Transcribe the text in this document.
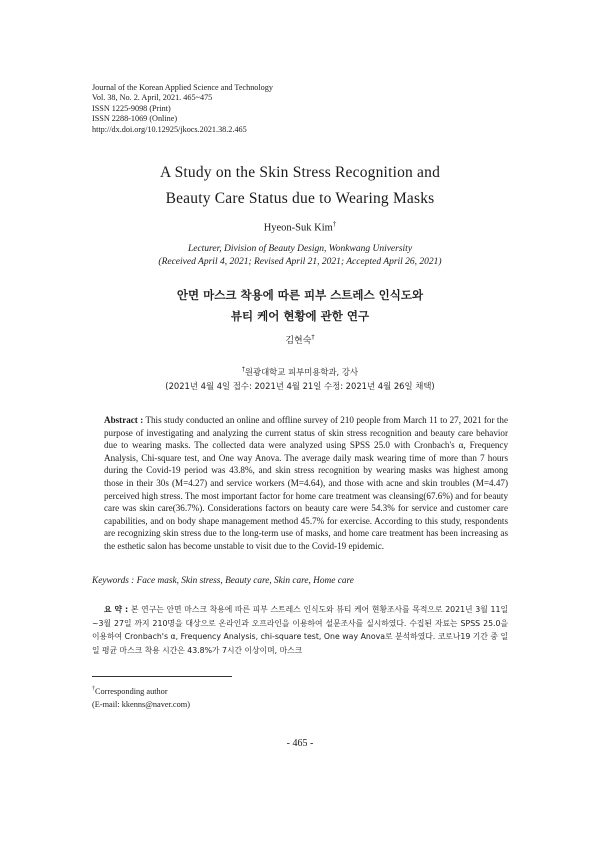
Journal of the Korean Applied Science and Technology
Vol. 38, No. 2. April, 2021. 465~475
ISSN 1225-9098 (Print)
ISSN 2288-1069 (Online)
http://dx.doi.org/10.12925/jkocs.2021.38.2.465
A Study on the Skin Stress Recognition and
Beauty Care Status due to Wearing Masks
Hyeon-Suk Kim†
Lecturer, Division of Beauty Design, Wonkwang University
(Received April 4, 2021; Revised April 21, 2021; Accepted April 26, 2021)
안면 마스크 착용에 따른 피부 스트레스 인식도와
뷰티 케어 현황에 관한 연구
김현숙†
†원광대학교 피부미용학과, 강사
(2021년 4월 4일 접수: 2021년 4월 21일 수정: 2021년 4월 26일 채택)
Abstract : This study conducted an online and offline survey of 210 people from March 11 to 27, 2021 for the purpose of investigating and analyzing the current status of skin stress recognition and beauty care behavior due to wearing masks. The collected data were analyzed using SPSS 25.0 with Cronbach's α, Frequency Analysis, Chi-square test, and One way Anova. The average daily mask wearing time of more than 7 hours during the Covid-19 period was 43.8%, and skin stress recognition by wearing masks was highest among those in their 30s (M=4.27) and service workers (M=4.64), and those with acne and skin troubles (M=4.47) perceived high stress. The most important factor for home care treatment was cleansing(67.6%) and for beauty care was skin care(36.7%). Considerations factors on beauty care were 54.3% for service and customer care capabilities, and on body shape management method 45.7% for exercise. According to this study, respondents are recognizing skin stress due to the long-term use of masks, and home care treatment has been increasing as the esthetic salon has become unstable to visit due to the Covid-19 epidemic.
Keywords : Face mask, Skin stress, Beauty care, Skin care, Home care
요 약 : 본 연구는 안면 마스크 착용에 따른 피부 스트레스 인식도와 뷰티 케어 현황조사를 목적으로 2021년 3월 11일~3월 27일 까지 210명을 대상으로 온라인과 오프라인을 이용하여 설문조사를 실시하였다. 수집된 자료는 SPSS 25.0을 이용하여 Cronbach's α, Frequency Analysis, chi-square test, One way Anova로 분석하였다. 코로나19 기간 중 일일 평균 마스크 착용 시간은 43.8%가 7시간 이상이며, 마스크
†Corresponding author
(E-mail: kkenns@naver.com)
- 465 -
